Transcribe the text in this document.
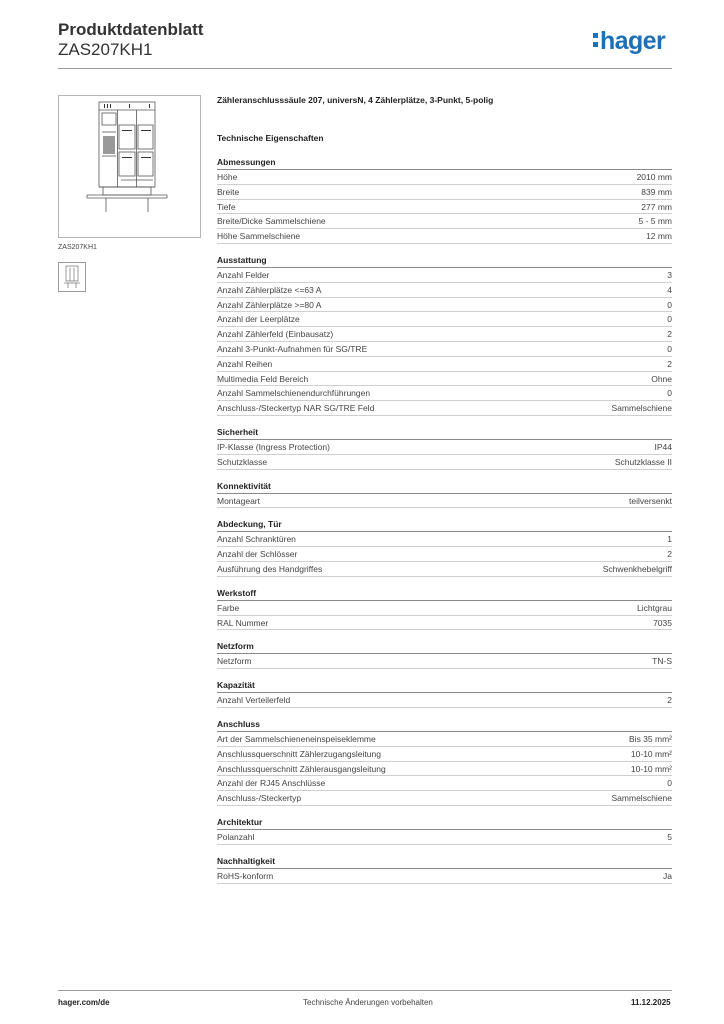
Produktdatenblatt
ZAS207KH1	hager
ZAS207KH1
Zähleranschlusssäule 207, universN, 4 Zählerplätze, 3-Punkt, 5-polig
Technische Eigenschaften
Abmessungen
Höhe	2010 mm
Breite	839 mm
Tiefe	277 mm
Breite/Dicke Sammelschiene	5 - 5 mm
Höhe Sammelschiene	12 mm
Ausstattung
Anzahl Felder	3
Anzahl Zählerplätze <=63 A	4
Anzahl Zählerplätze >=80 A	0
Anzahl der Leerplätze	0
Anzahl Zählerfeld (Einbausatz)	2
Anzahl 3-Punkt-Aufnahmen für SG/TRE	0
Anzahl Reihen	2
Multimedia Feld Bereich	Ohne
Anzahl Sammelschienendurchführungen	0
Anschluss-/Steckertyp NAR SG/TRE Feld	Sammelschiene
Sicherheit
IP-Klasse (Ingress Protection)	IP44
Schutzklasse	Schutzklasse II
Konnektivität
Montageart	teilversenkt
Abdeckung, Tür
Anzahl Schranktüren	1
Anzahl der Schlösser	2
Ausführung des Handgriffes	Schwenkhebelgriff
Werkstoff
Farbe	Lichtgrau
RAL Nummer	7035
Netzform
Netzform	TN-S
Kapazität
Anzahl Verteilerfeld	2
Anschluss
Art der Sammelschieneneinspeiseklemme	Bis 35 mm²
Anschlussquerschnitt Zählerzugangsleitung	10-10 mm²
Anschlussquerschnitt Zählerausgangsleitung	10-10 mm²
Anzahl der RJ45 Anschlüsse	0
Anschluss-/Steckertyp	Sammelschiene
Architektur
Polanzahl	5
Nachhaltigkeit
RoHS-konform	Ja
hager.com/de	Technische Änderungen vorbehalten	11.12.2025
